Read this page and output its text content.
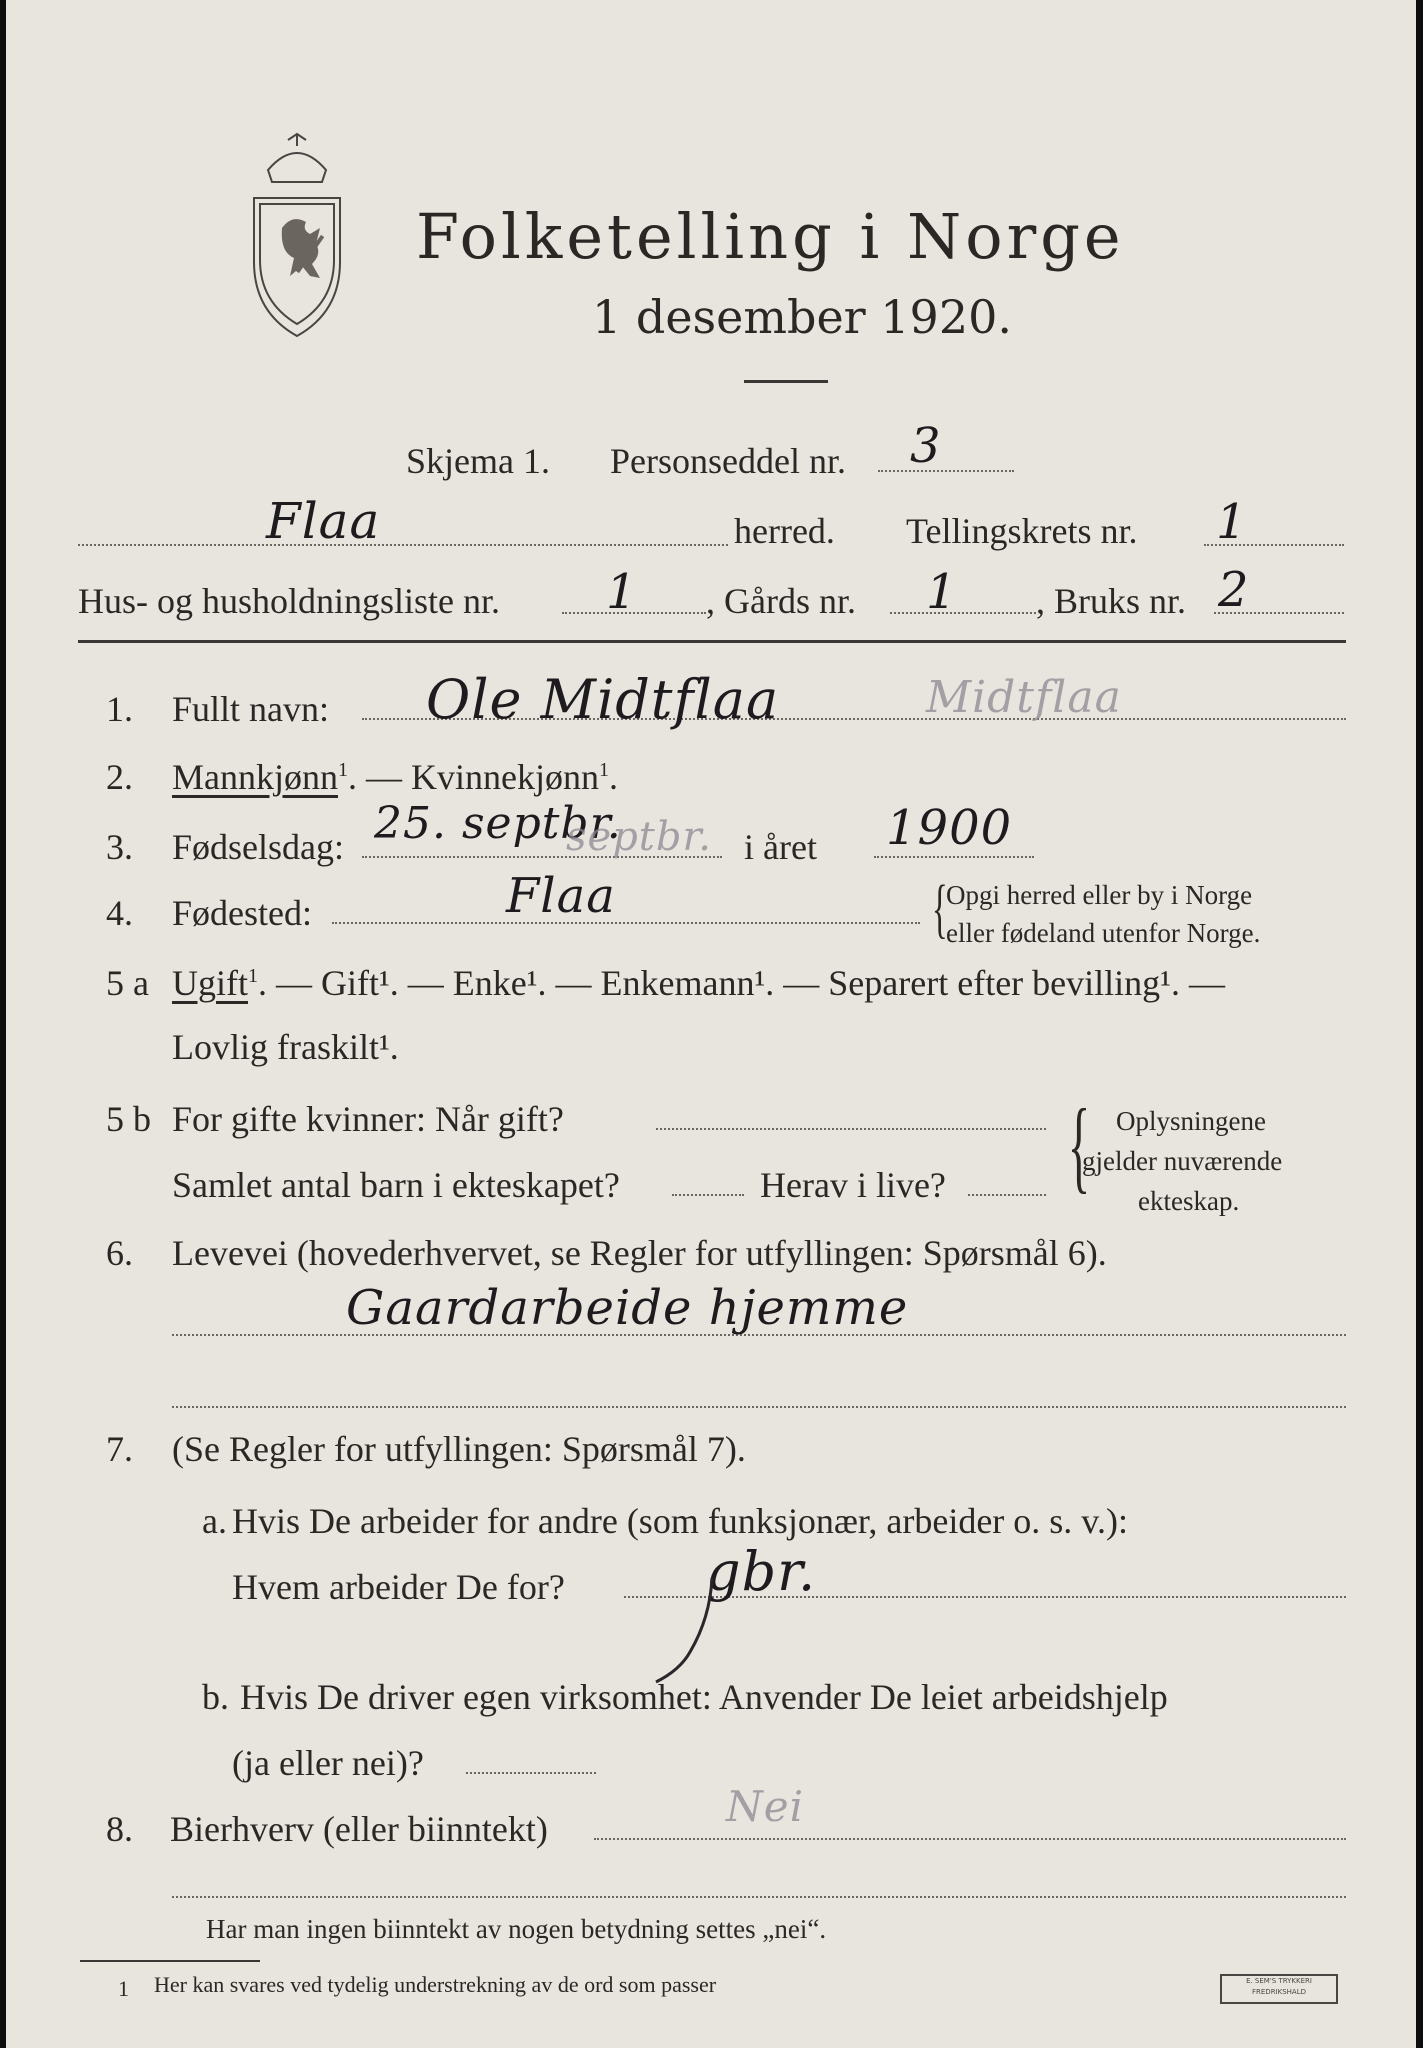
Folketelling i Norge
1 desember 1920.
Skjema 1. Personseddel nr. 3
Flaa	herred. Tellingskrets nr. 1
Hus- og husholdningsliste nr. 1 , Gårds nr. 1 , Bruks nr. 2
1. Fullt navn: Ole Midtflaa	Midtflaa
2. Mannkjønn$^1$. — Kvinnekjønn$^1$.
3. Fødselsdag: 25. septbr.
septbr. i året 1900
4. Fødested:	Flaa	{
Opgi herred eller by i Norge
eller fødeland utenfor Norge.
5 a Ugift$^1$. — Gift¹. — Enke¹. — Enkemann¹. — Separert efter bevilling¹. —
Lovlig fraskilt¹.
5 b For gifte kvinner: Når gift?
Samlet antal barn i ekteskapet?	Herav i live? { Oplysningene
gjelder nuværende
ekteskap.
6. Levevei (hovederhvervet, se Regler for utfyllingen: Spørsmål 6).
Gaardarbeide hjemme
7. (Se Regler for utfyllingen: Spørsmål 7).
a. Hvis De arbeider for andre (som funksjonær, arbeider o. s. v.):
Hvem arbeider De for?	gbr.
b. Hvis De driver egen virksomhet: Anvender De leiet arbeidshjelp
(ja eller nei)?
8. Bierhverv (eller biinntekt)	Nei
Har man ingen biinntekt av nogen betydning settes „nei“.
1 Her kan svares ved tydelig understrekning av de ord som passer	E. SEM'S TRYKKERI FREDRIKSHALD
